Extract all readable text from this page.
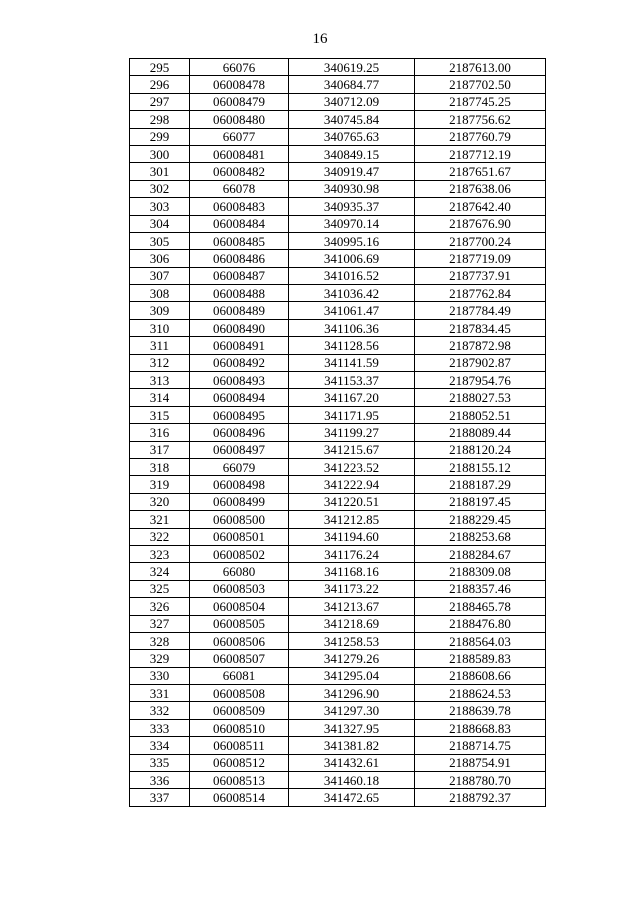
16
295	66076	340619.25	2187613.00
296	06008478	340684.77	2187702.50
297	06008479	340712.09	2187745.25
298	06008480	340745.84	2187756.62
299	66077	340765.63	2187760.79
300	06008481	340849.15	2187712.19
301	06008482	340919.47	2187651.67
302	66078	340930.98	2187638.06
303	06008483	340935.37	2187642.40
304	06008484	340970.14	2187676.90
305	06008485	340995.16	2187700.24
306	06008486	341006.69	2187719.09
307	06008487	341016.52	2187737.91
308	06008488	341036.42	2187762.84
309	06008489	341061.47	2187784.49
310	06008490	341106.36	2187834.45
311	06008491	341128.56	2187872.98
312	06008492	341141.59	2187902.87
313	06008493	341153.37	2187954.76
314	06008494	341167.20	2188027.53
315	06008495	341171.95	2188052.51
316	06008496	341199.27	2188089.44
317	06008497	341215.67	2188120.24
318	66079	341223.52	2188155.12
319	06008498	341222.94	2188187.29
320	06008499	341220.51	2188197.45
321	06008500	341212.85	2188229.45
322	06008501	341194.60	2188253.68
323	06008502	341176.24	2188284.67
324	66080	341168.16	2188309.08
325	06008503	341173.22	2188357.46
326	06008504	341213.67	2188465.78
327	06008505	341218.69	2188476.80
328	06008506	341258.53	2188564.03
329	06008507	341279.26	2188589.83
330	66081	341295.04	2188608.66
331	06008508	341296.90	2188624.53
332	06008509	341297.30	2188639.78
333	06008510	341327.95	2188668.83
334	06008511	341381.82	2188714.75
335	06008512	341432.61	2188754.91
336	06008513	341460.18	2188780.70
337	06008514	341472.65	2188792.37
